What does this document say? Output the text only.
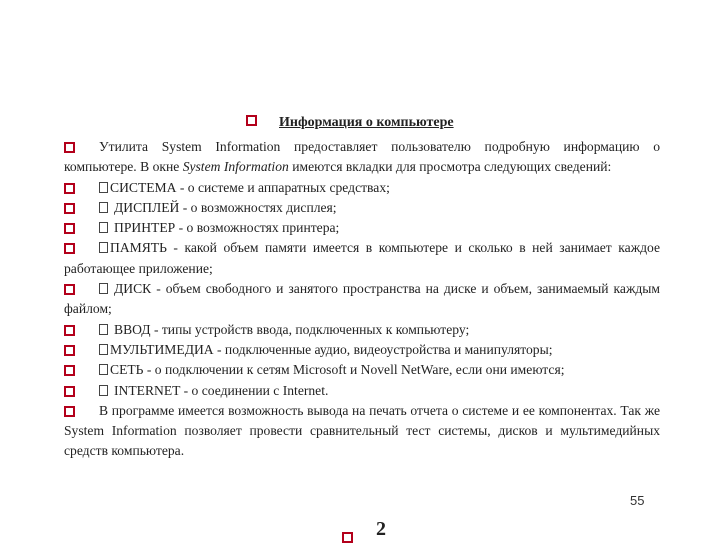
Информация о компьютере
Утилита System Information предоставляет пользователю подробную информацию о компьютере. В окне System Information имеются вкладки для просмотра следующих сведений:
СИСТЕМА - о системе и аппаратных средствах;
ДИСПЛЕЙ - о возможностях дисплея;
ПРИНТЕР - о возможностях принтера;
ПАМЯТЬ - какой объем памяти имеется в компьютере и сколько в ней занимает каждое работающее приложение;
ДИСК - объем свободного и занятого пространства на диске и объем, занимаемый каждым файлом;
ВВОД - типы устройств ввода, подключенных к компьютеру;
МУЛЬТИМЕДИА - подключенные аудио, видеоустройства и манипуляторы;
СЕТЬ - о подключении к сетям Microsoft и Novell NetWare, если они имеются;
INTERNET - о соединении с Internet.
В программе имеется возможность вывода на печать отчета о системе и ее компонентах. Так же System Information позволяет провести сравнительный тест системы, дисков и мультимедийных средств компьютера.
55
2
